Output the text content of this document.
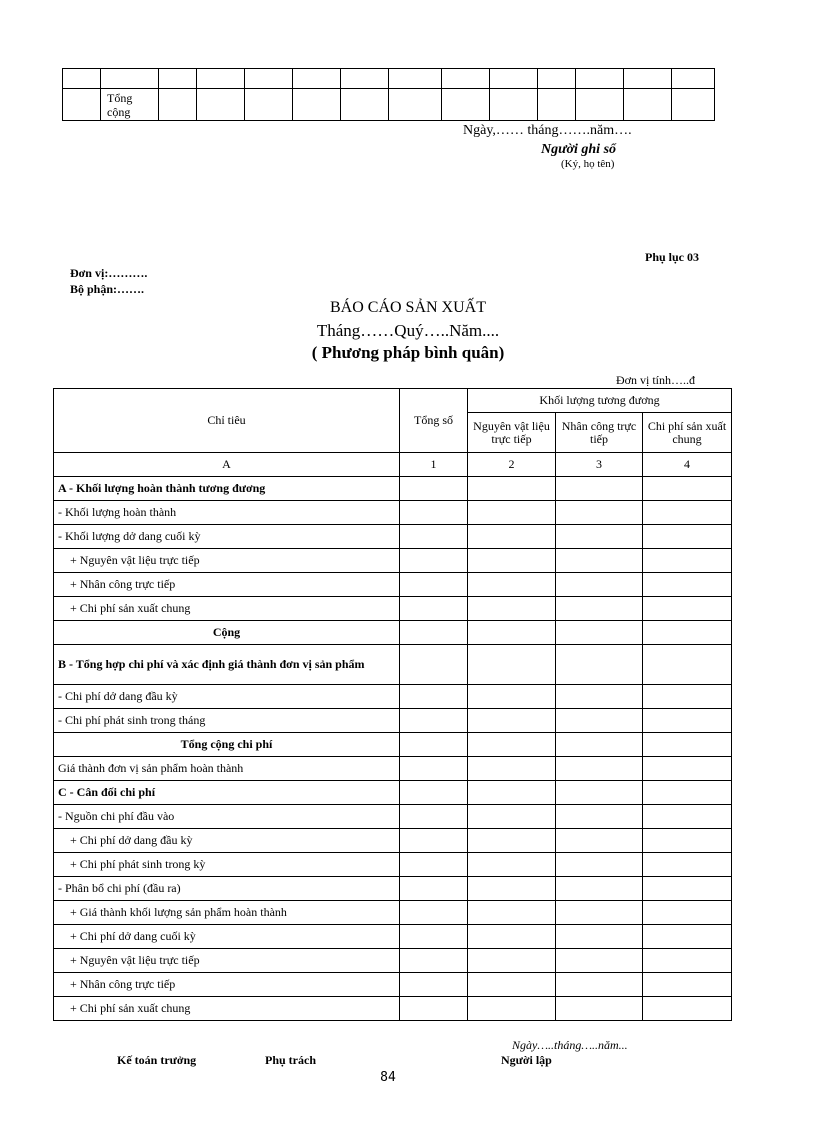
	Tổng cộng												
Ngày,…… tháng…….năm….
Người ghi sổ
(Ký, họ tên)
Phụ lục 03
Đơn vị:……….
Bộ phận:…….
BÁO CÁO SẢN XUẤT
Tháng……Quý…..Năm....
( Phương pháp bình quân)
Đơn vị tính…..đ
Chỉ tiêu	Tổng số	Khối lượng tương đương		
		Nguyên vật liệu trực tiếp	Nhân công trực tiếp	Chi phí sản xuất chung
A	1	2	3	4
A - Khối lượng hoàn thành tương đương				
- Khối lượng hoàn thành				
- Khối lượng dở dang cuối kỳ				
+ Nguyên vật liệu trực tiếp				
+ Nhân công trực tiếp				
+ Chi phí sản xuất chung				
Cộng				
B - Tổng hợp chi phí và xác định giá thành đơn vị sản phẩm				
- Chi phí dở dang đầu kỳ				
- Chi phí phát sinh trong tháng				
Tổng cộng chi phí				
Giá thành đơn vị sản phẩm hoàn thành				
C - Cân đối chi phí				
- Nguồn chi phí đầu vào				
+ Chi phí dở dang đầu kỳ				
+ Chi phí phát sinh trong kỳ				
- Phân bổ chi phí (đầu ra)				
+ Giá thành khối lượng sản phẩm hoàn thành				
+ Chi phí dở dang cuối kỳ				
+ Nguyên vật liệu trực tiếp				
+ Nhân công trực tiếp				
+ Chi phí sản xuất chung				
Ngày…..tháng…..năm...
Kế toán trưởng	Phụ trách	Người lập
84
